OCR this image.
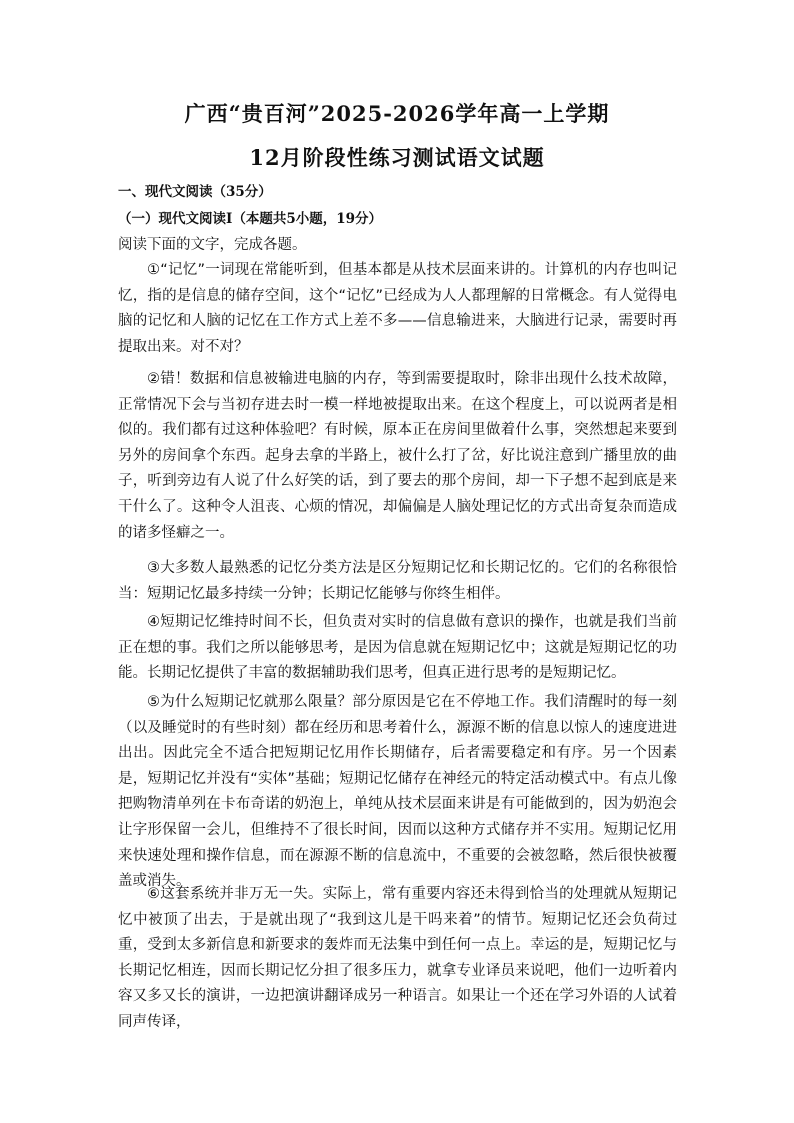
广西“贵百河”2025-2026学年高一上学期
12月阶段性练习测试语文试题
一、现代文阅读（35分）
（一）现代文阅读Ⅰ（本题共5小题，19分）
阅读下面的文字，完成各题。

①“记忆”一词现在常能听到，但基本都是从技术层面来讲的。计算机的内存也叫记忆，指的是信息的储存空间，这个“记忆”已经成为人人都理解的日常概念。有人觉得电脑的记忆和人脑的记忆在工作方式上差不多——信息输进来，大脑进行记录，需要时再提取出来。对不对？

②错！数据和信息被输进电脑的内存，等到需要提取时，除非出现什么技术故障，正常情况下会与当初存进去时一模一样地被提取出来。在这个程度上，可以说两者是相似的。我们都有过这种体验吧？有时候，原本正在房间里做着什么事，突然想起来要到另外的房间拿个东西。起身去拿的半路上，被什么打了岔，好比说注意到广播里放的曲子，听到旁边有人说了什么好笑的话，到了要去的那个房间，却一下子想不起到底是来干什么了。这种令人沮丧、心烦的情况，却偏偏是人脑处理记忆的方式出奇复杂而造成的诸多怪癖之一。

③大多数人最熟悉的记忆分类方法是区分短期记忆和长期记忆的。它们的名称很恰当：短期记忆最多持续一分钟；长期记忆能够与你终生相伴。

④短期记忆维持时间不长，但负责对实时的信息做有意识的操作，也就是我们当前正在想的事。我们之所以能够思考，是因为信息就在短期记忆中；这就是短期记忆的功能。长期记忆提供了丰富的数据辅助我们思考，但真正进行思考的是短期记忆。

⑤为什么短期记忆就那么限量？部分原因是它在不停地工作。我们清醒时的每一刻（以及睡觉时的有些时刻）都在经历和思考着什么，源源不断的信息以惊人的速度进进出出。因此完全不适合把短期记忆用作长期储存，后者需要稳定和有序。另一个因素是，短期记忆并没有“实体”基础；短期记忆储存在神经元的特定活动模式中。有点儿像把购物清单列在卡布奇诺的奶泡上，单纯从技术层面来讲是有可能做到的，因为奶泡会让字形保留一会儿，但维持不了很长时间，因而以这种方式储存并不实用。短期记忆用来快速处理和操作信息，而在源源不断的信息流中，不重要的会被忽略，然后很快被覆盖或消失。

⑥这套系统并非万无一失。实际上，常有重要内容还未得到恰当的处理就从短期记忆中被顶了出去，于是就出现了“我到这儿是干吗来着”的情节。短期记忆还会负荷过重，受到太多新信息和新要求的轰炸而无法集中到任何一点上。幸运的是，短期记忆与长期记忆相连，因而长期记忆分担了很多压力，就拿专业译员来说吧，他们一边听着内容又多又长的演讲，一边把演讲翻译成另一种语言。如果让一个还在学习外语的人试着同声传译，
